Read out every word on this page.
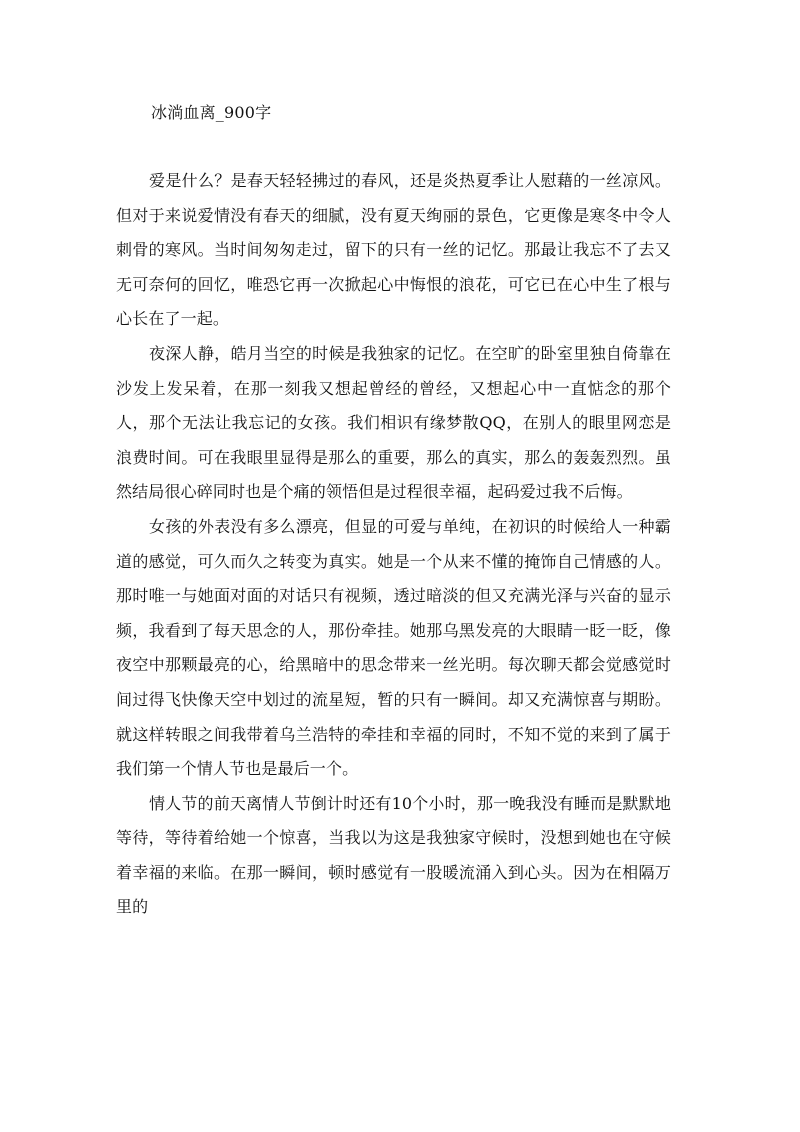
冰淌血离_900字

爱是什么？是春天轻轻拂过的春风，还是炎热夏季让人慰藉的一丝凉风。但对于来说爱情没有春天的细腻，没有夏天绚丽的景色，它更像是寒冬中令人刺骨的寒风。当时间匆匆走过，留下的只有一丝的记忆。那最让我忘不了去又无可奈何的回忆，唯恐它再一次掀起心中悔恨的浪花，可它已在心中生了根与心长在了一起。

夜深人静，皓月当空的时候是我独家的记忆。在空旷的卧室里独自倚靠在沙发上发呆着，在那一刻我又想起曾经的曾经，又想起心中一直惦念的那个人，那个无法让我忘记的女孩。我们相识有缘梦散QQ，在别人的眼里网恋是浪费时间。可在我眼里显得是那么的重要，那么的真实，那么的轰轰烈烈。虽然结局很心碎同时也是个痛的领悟但是过程很幸福，起码爱过我不后悔。

女孩的外表没有多么漂亮，但显的可爱与单纯，在初识的时候给人一种霸道的感觉，可久而久之转变为真实。她是一个从来不懂的掩饰自己情感的人。那时唯一与她面对面的对话只有视频，透过暗淡的但又充满光泽与兴奋的显示频，我看到了每天思念的人，那份牵挂。她那乌黑发亮的大眼睛一眨一眨，像夜空中那颗最亮的心，给黑暗中的思念带来一丝光明。每次聊天都会觉感觉时间过得飞快像天空中划过的流星短，暂的只有一瞬间。却又充满惊喜与期盼。就这样转眼之间我带着乌兰浩特的牵挂和幸福的同时，不知不觉的来到了属于我们第一个情人节也是最后一个。

情人节的前天离情人节倒计时还有10个小时，那一晚我没有睡而是默默地等待，等待着给她一个惊喜，当我以为这是我独家守候时，没想到她也在守候着幸福的来临。在那一瞬间，顿时感觉有一股暖流涌入到心头。因为在相隔万里的
